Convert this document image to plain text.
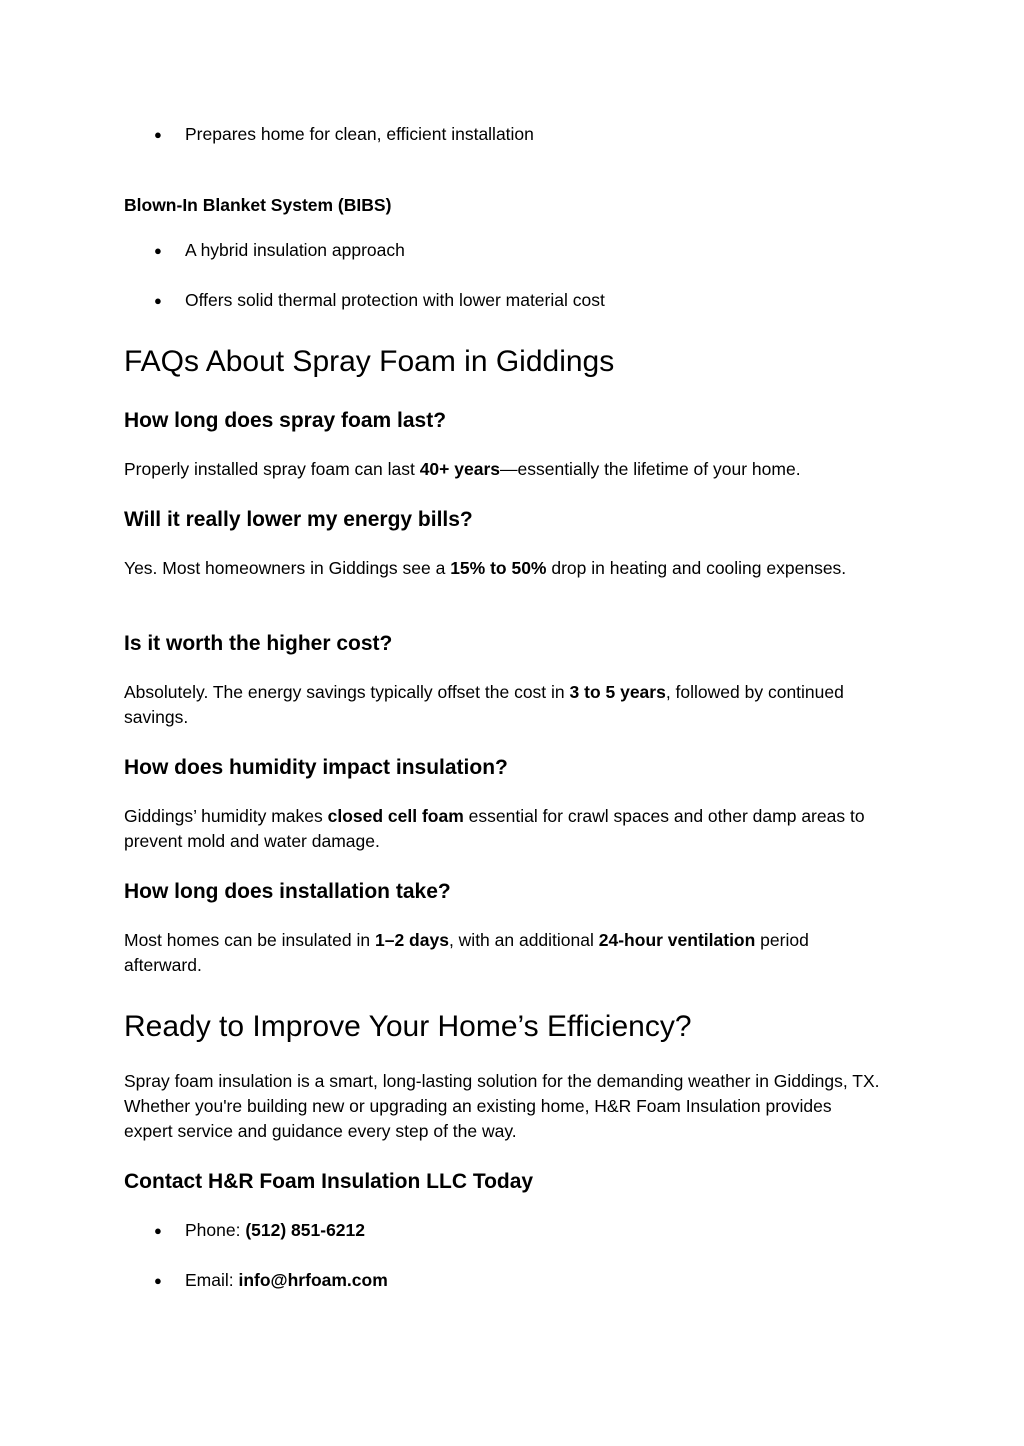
● Prepares home for clean, efficient installation

Blown-In Blanket System (BIBS)

● A hybrid insulation approach

● Offers solid thermal protection with lower material cost

FAQs About Spray Foam in Giddings
How long does spray foam last?

Properly installed spray foam can last 40+ years—essentially the lifetime of your home.

Will it really lower my energy bills?

Yes. Most homeowners in Giddings see a 15% to 50% drop in heating and cooling expenses.

Is it worth the higher cost?

Absolutely. The energy savings typically offset the cost in 3 to 5 years, followed by continued savings.

How does humidity impact insulation?

Giddings’ humidity makes closed cell foam essential for crawl spaces and other damp areas to prevent mold and water damage.

How long does installation take?

Most homes can be insulated in 1–2 days, with an additional 24-hour ventilation period afterward.

Ready to Improve Your Home’s Efficiency?

Spray foam insulation is a smart, long-lasting solution for the demanding weather in Giddings, TX. Whether you're building new or upgrading an existing home, H&R Foam Insulation provides expert service and guidance every step of the way.

Contact H&R Foam Insulation LLC Today

● Phone: (512) 851-6212

● Email: info@hrfoam.com
